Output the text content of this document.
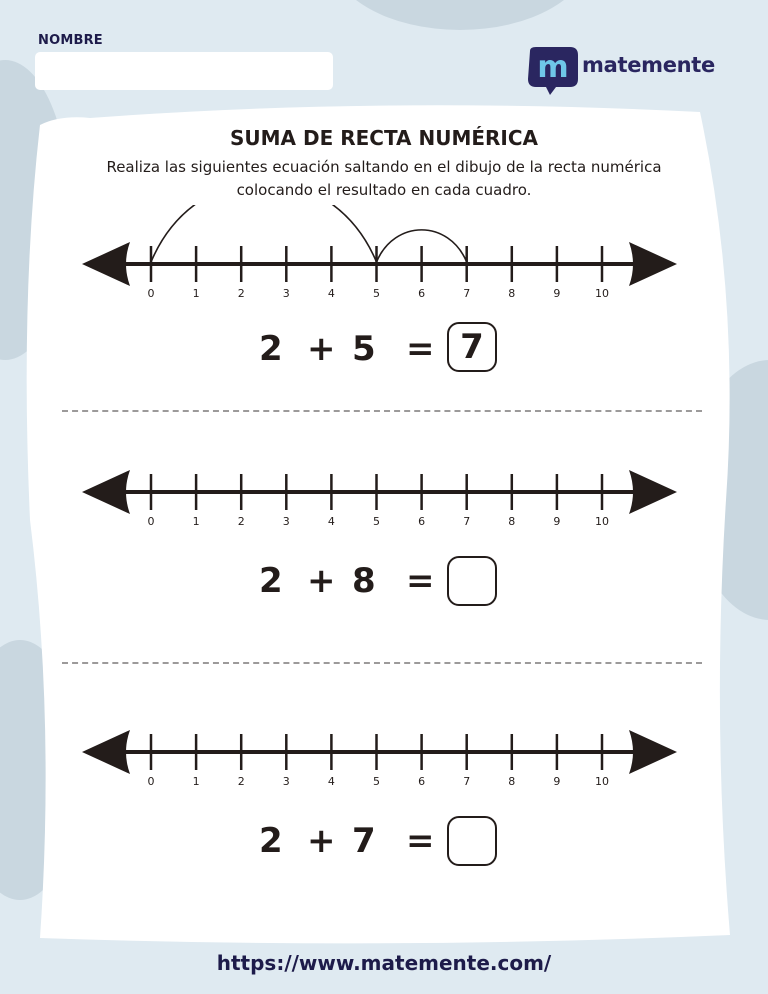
NOMBRE
m matemente
SUMA DE RECTA NUMÉRICA
Realiza las siguientes ecuación saltando en el dibujo de la recta numérica colocando el resultado en cada cuadro.
0	1	2	3	4	5	6	7	8	9	10
2 + 5 = 7
0	1	2	3	4	5	6	7	8	9	10
2 + 8 =
0	1	2	3	4	5	6	7	8	9	10
2 + 7 =
https://www.matemente.com/
